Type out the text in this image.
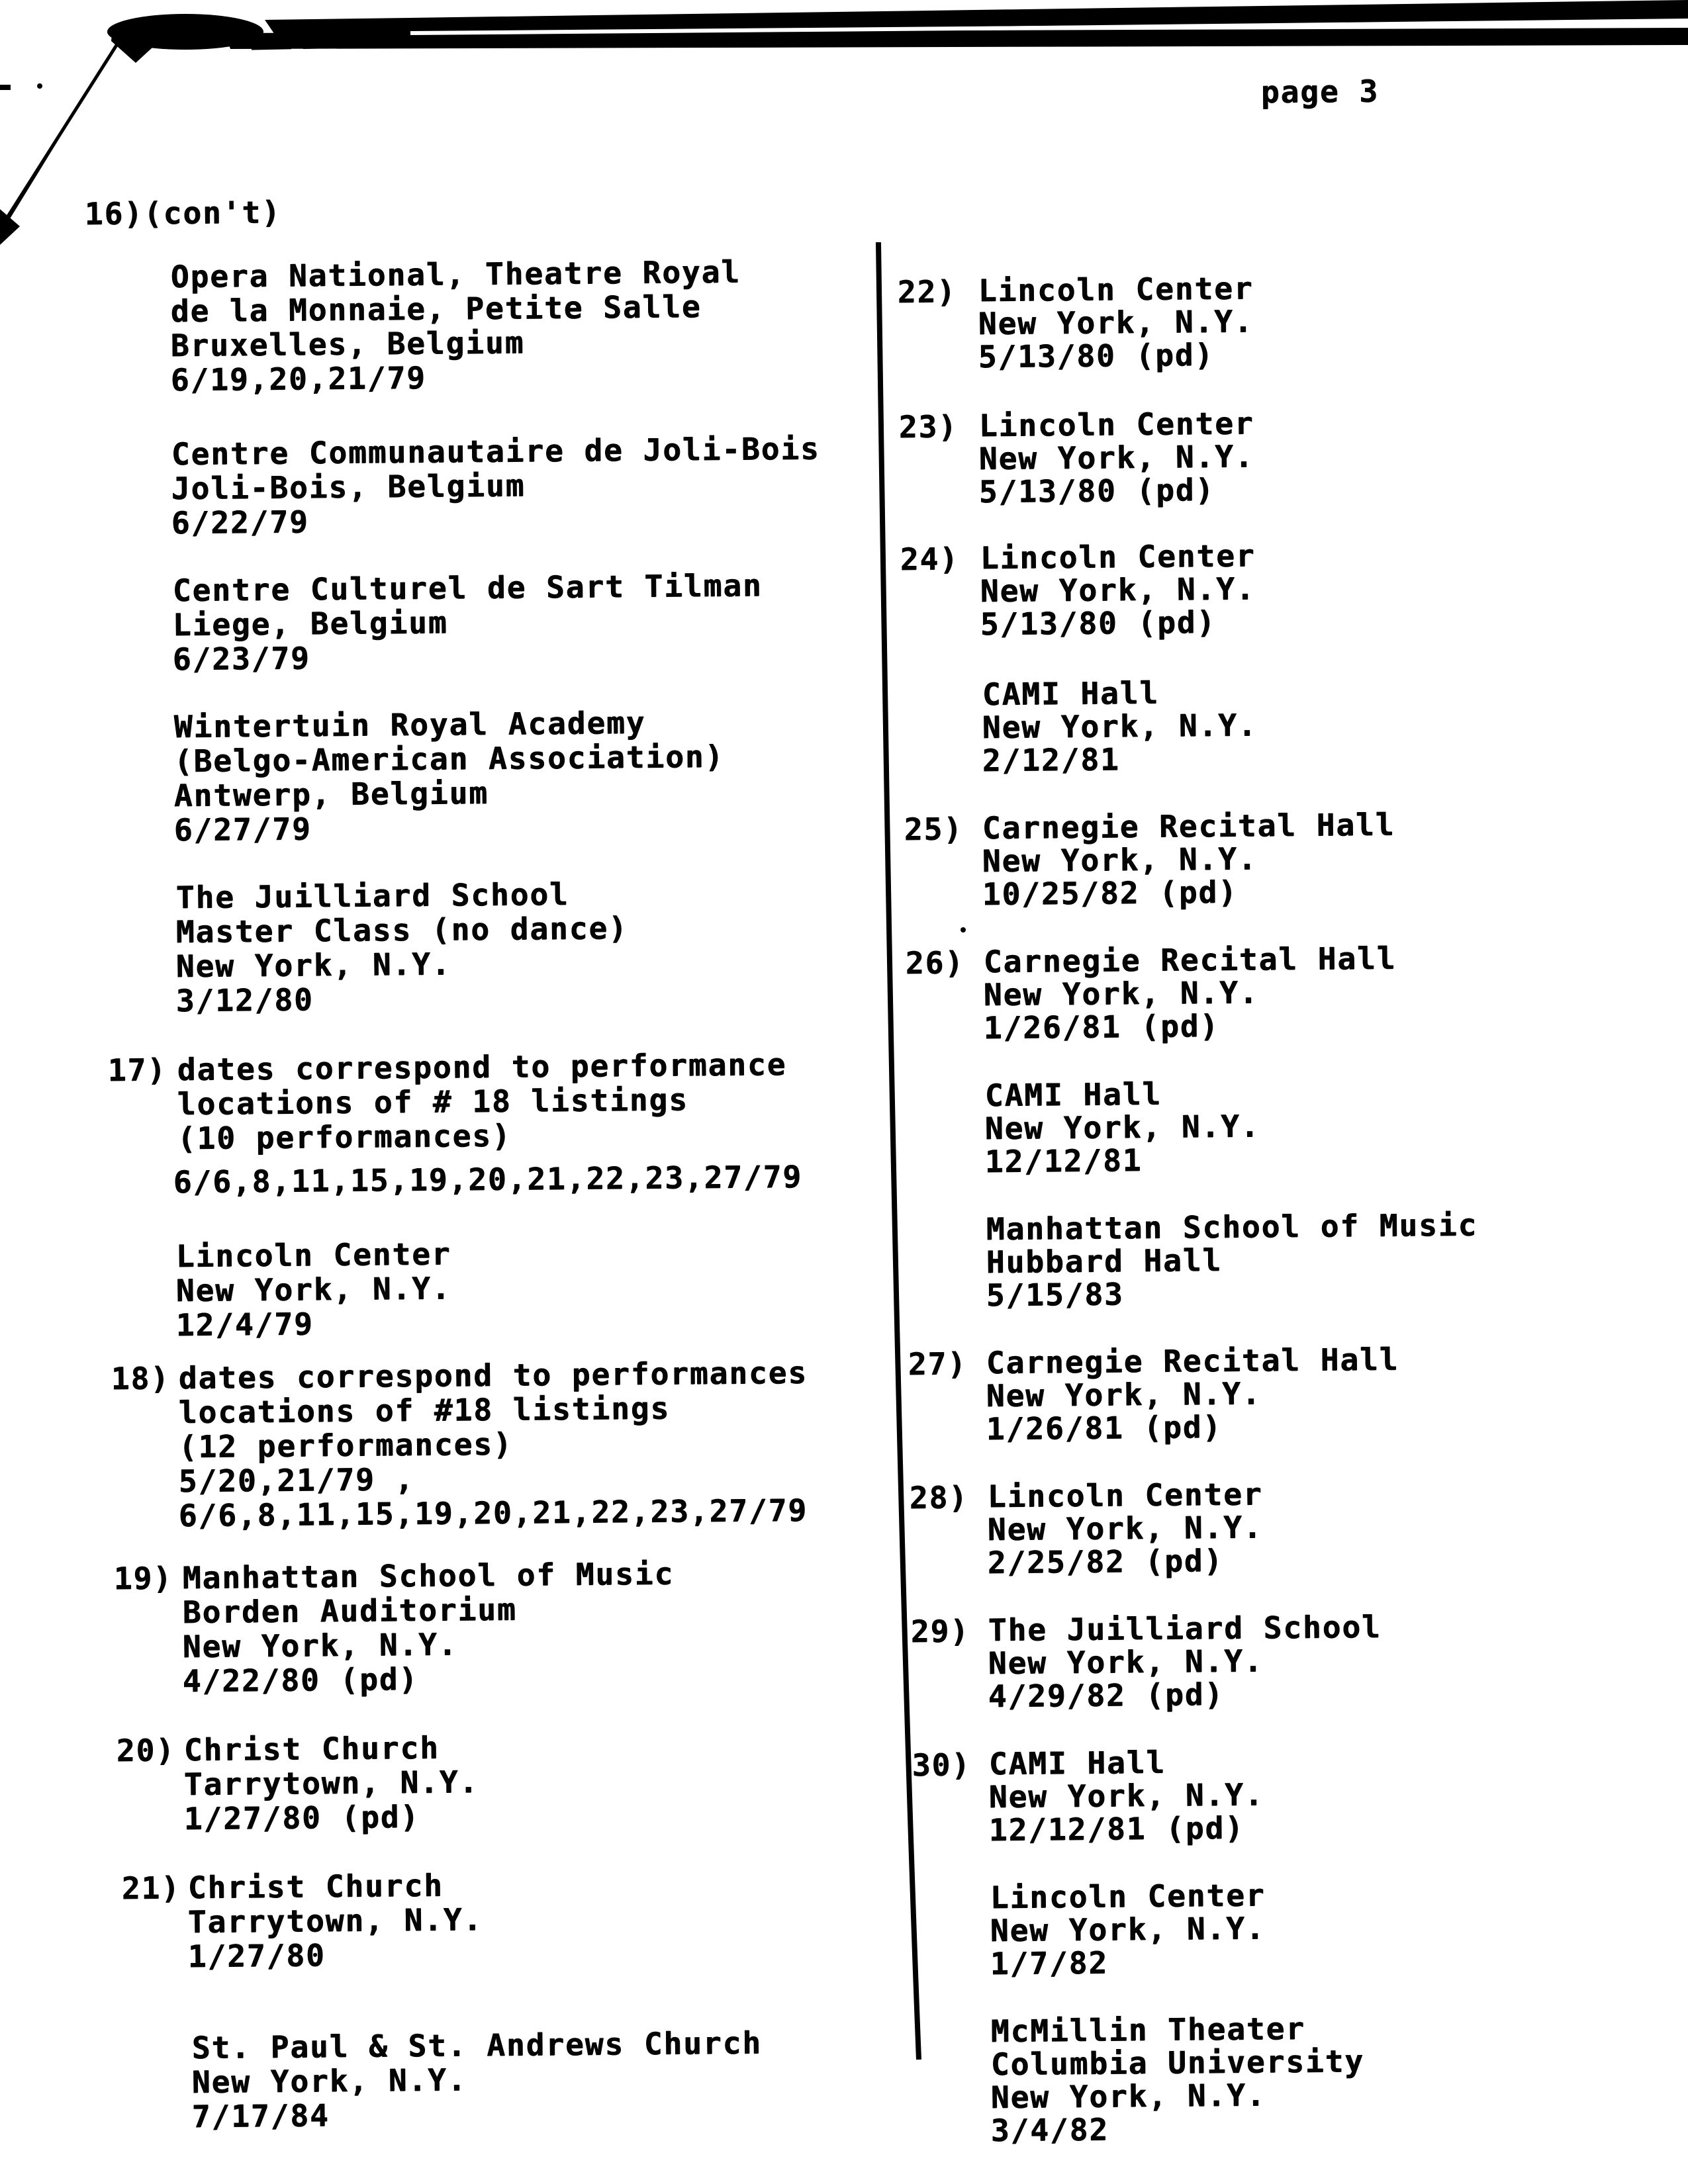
page 3
16)(con't)
Opera National, Theatre Royal
de la Monnaie, Petite Salle
Bruxelles, Belgium
6/19,20,21/79
Centre Communautaire de Joli-Bois
Joli-Bois, Belgium
6/22/79
Centre Culturel de Sart Tilman
Liege, Belgium
6/23/79
Wintertuin Royal Academy
(Belgo-American Association)
Antwerp, Belgium
6/27/79
The Juilliard School
Master Class (no dance)
New York, N.Y.
3/12/80
17) dates correspond to performance
locations of # 18 listings
(10 performances)
6/6,8,11,15,19,20,21,22,23,27/79
Lincoln Center
New York, N.Y.
12/4/79
18) dates correspond to performances
locations of #18 listings
(12 performances)
5/20,21/79 ,
6/6,8,11,15,19,20,21,22,23,27/79
19) Manhattan School of Music
Borden Auditorium
New York, N.Y.
4/22/80 (pd)
20) Christ Church
Tarrytown, N.Y.
1/27/80 (pd)
21) Christ Church
Tarrytown, N.Y.
1/27/80
St. Paul & St. Andrews Church
New York, N.Y.
7/17/84
22) Lincoln Center
New York, N.Y.
5/13/80 (pd)
23) Lincoln Center
New York, N.Y.
5/13/80 (pd)
24) Lincoln Center
New York, N.Y.
5/13/80 (pd)
CAMI Hall
New York, N.Y.
2/12/81
25) Carnegie Recital Hall
New York, N.Y.
10/25/82 (pd)
26) Carnegie Recital Hall
New York, N.Y.
1/26/81 (pd)
CAMI Hall
New York, N.Y.
12/12/81
Manhattan School of Music
Hubbard Hall
5/15/83
27) Carnegie Recital Hall
New York, N.Y.
1/26/81 (pd)
28) Lincoln Center
New York, N.Y.
2/25/82 (pd)
29) The Juilliard School
New York, N.Y.
4/29/82 (pd)
30) CAMI Hall
New York, N.Y.
12/12/81 (pd)
Lincoln Center
New York, N.Y.
1/7/82
McMillin Theater
Columbia University
New York, N.Y.
3/4/82
